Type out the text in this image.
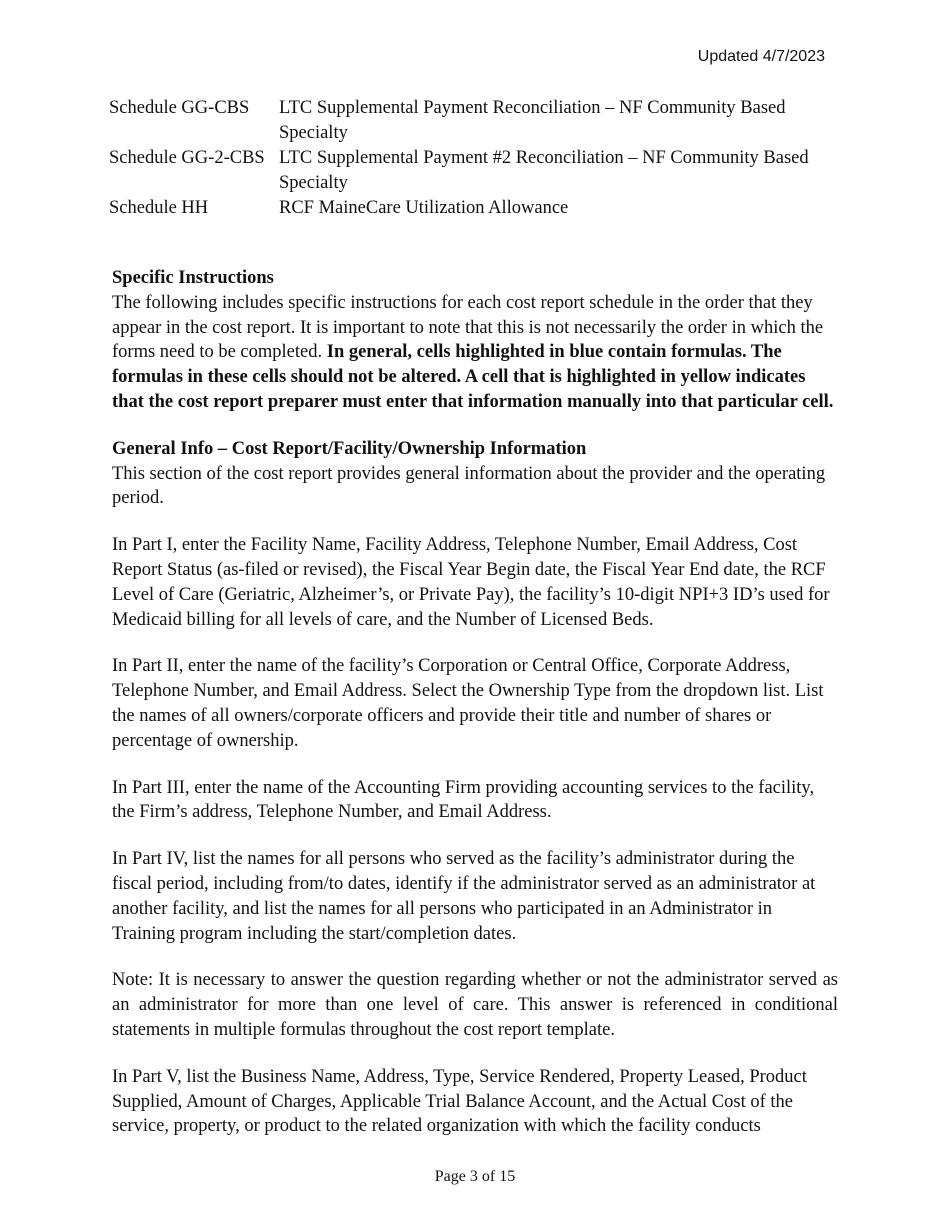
Updated 4/7/2023
Schedule GG-CBS	LTC Supplemental Payment Reconciliation – NF Community Based Specialty
Schedule GG-2-CBS	LTC Supplemental Payment #2 Reconciliation – NF Community Based Specialty
Schedule HH	RCF MaineCare Utilization Allowance

Specific Instructions
The following includes specific instructions for each cost report schedule in the order that they appear in the cost report. It is important to note that this is not necessarily the order in which the forms need to be completed. In general, cells highlighted in blue contain formulas. The formulas in these cells should not be altered. A cell that is highlighted in yellow indicates that the cost report preparer must enter that information manually into that particular cell.

General Info – Cost Report/Facility/Ownership Information
This section of the cost report provides general information about the provider and the operating period.

In Part I, enter the Facility Name, Facility Address, Telephone Number, Email Address, Cost Report Status (as-filed or revised), the Fiscal Year Begin date, the Fiscal Year End date, the RCF Level of Care (Geriatric, Alzheimer’s, or Private Pay), the facility’s 10-digit NPI+3 ID’s used for Medicaid billing for all levels of care, and the Number of Licensed Beds.

In Part II, enter the name of the facility’s Corporation or Central Office, Corporate Address, Telephone Number, and Email Address. Select the Ownership Type from the dropdown list. List the names of all owners/corporate officers and provide their title and number of shares or percentage of ownership.

In Part III, enter the name of the Accounting Firm providing accounting services to the facility, the Firm’s address, Telephone Number, and Email Address.

In Part IV, list the names for all persons who served as the facility’s administrator during the fiscal period, including from/to dates, identify if the administrator served as an administrator at another facility, and list the names for all persons who participated in an Administrator in Training program including the start/completion dates.

Note: It is necessary to answer the question regarding whether or not the administrator served as an administrator for more than one level of care. This answer is referenced in conditional statements in multiple formulas throughout the cost report template.

In Part V, list the Business Name, Address, Type, Service Rendered, Property Leased, Product Supplied, Amount of Charges, Applicable Trial Balance Account, and the Actual Cost of the service, property, or product to the related organization with which the facility conducts

Page 3 of 15
